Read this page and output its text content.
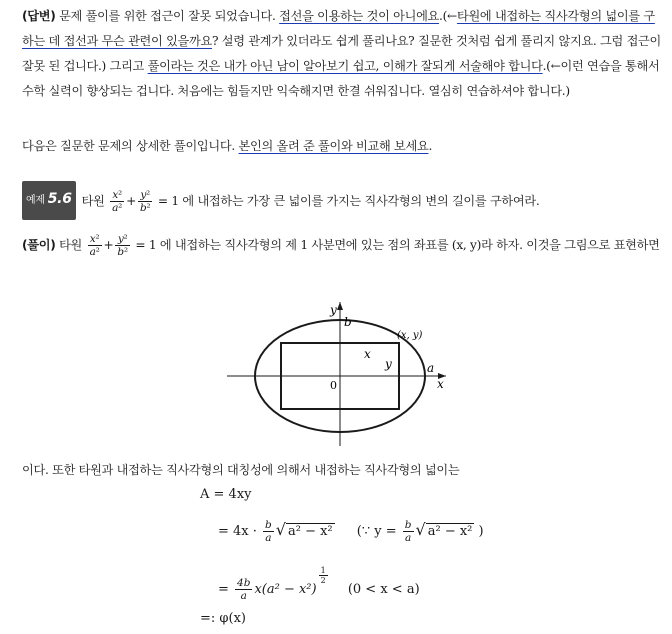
(답변) 문제 풀이를 위한 접근이 잘못 되었습니다. 접선을 이용하는 것이 아니에요.(←타원에 내접하는 직사각형의 넓이를 구하는 데 접선과 무슨 관련이 있을까요? 설령 관계가 있더라도 쉽게 풀리나요? 질문한 것처럼 쉽게 풀리지 않지요. 그럼 접근이 잘못 된 겁니다.) 그리고 풀이라는 것은 내가 아닌 남이 알아보기 쉽고, 이해가 잘되게 서술해야 합니다.(←이런 연습을 통해서 수학 실력이 향상되는 겁니다. 처음에는 힘들지만 익숙해지면 한결 쉬워집니다. 열심히 연습하셔야 합니다.)

다음은 질문한 문제의 상세한 풀이입니다. 본인의 올려 준 풀이와 비교해 보세요.

예제 5.6 타원 $\frac{\text{x²}}{\text{a²}} + \frac{\text{y²}}{\text{b²}} = 1$ 에 내접하는 가장 큰 넓이를 가지는 직사각형의 변의 길이를 구하여라.

(풀이) 타원 $\frac{\text{x²}}{\text{a²}} + \frac{\text{y²}}{\text{b²}} = 1$ 에 내접하는 직사각형의 제 1 사분면에 있는 점의 좌표를 (x, y)라 하자. 이것을 그림으로 표현하면

y
b
(x, y)
x
y	a
x
0

이다. 또한 타원과 내접하는 직사각형의 대칭성에 의해서 내접하는 직사각형의 넓이는

A = 4xy
= $4x \cdot \frac{b}{a}$ √ a² − x² (∵ $y = \frac{b}{a}$ √ a² − x² )
= $\frac{4b}{a} x(a^2 - x^2)$
$\frac{1}{2}$
(0 < x < a)
=: φ(x)
